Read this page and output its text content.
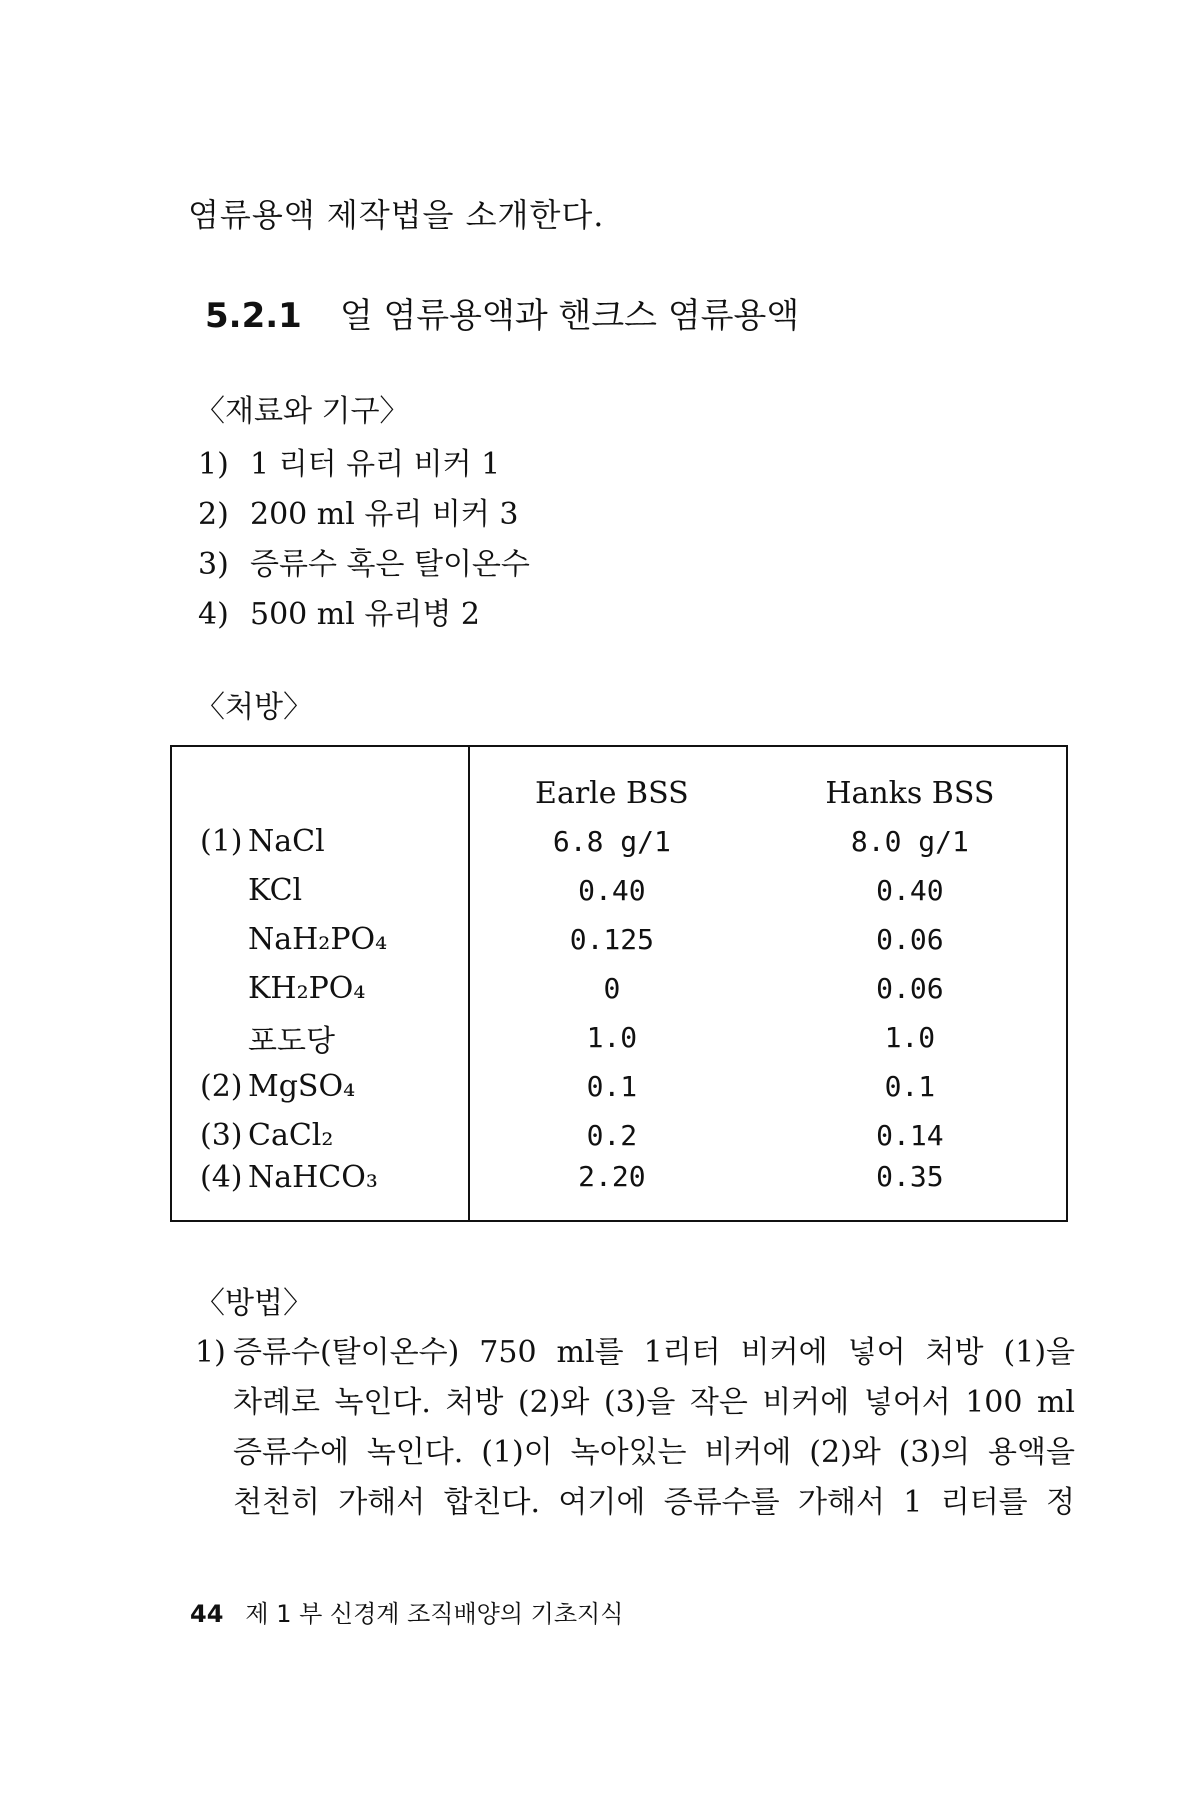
염류용액 제작법을 소개한다.
5.2.1 얼 염류용액과 핸크스 염류용액
〈재료와 기구〉
1) 1 리터 유리 비커 1
2) 200 ml 유리 비커 3
3) 증류수 혹은 탈이온수
4) 500 ml 유리병 2
〈처방〉
	Earle BSS	Hanks BSS
(1) NaCl	6.8 g/1	8.0 g/1
KCl	0.40	0.40
NaH₂PO₄	0.125	0.06
KH₂PO₄	0	0.06
포도당	1.0	1.0
(2) MgSO₄	0.1	0.1
(3) CaCl₂	0.2	0.14
(4) NaHCO₃	2.20	0.35
〈방법〉
1) 증류수(탈이온수) 750 ml를 1리터 비커에 넣어 처방 (1)을
차례로 녹인다. 처방 (2)와 (3)을 작은 비커에 넣어서 100 ml
증류수에 녹인다. (1)이 녹아있는 비커에 (2)와 (3)의 용액을
천천히 가해서 합친다. 여기에 증류수를 가해서 1 리터를 정
44 제 1 부 신경계 조직배양의 기초지식
